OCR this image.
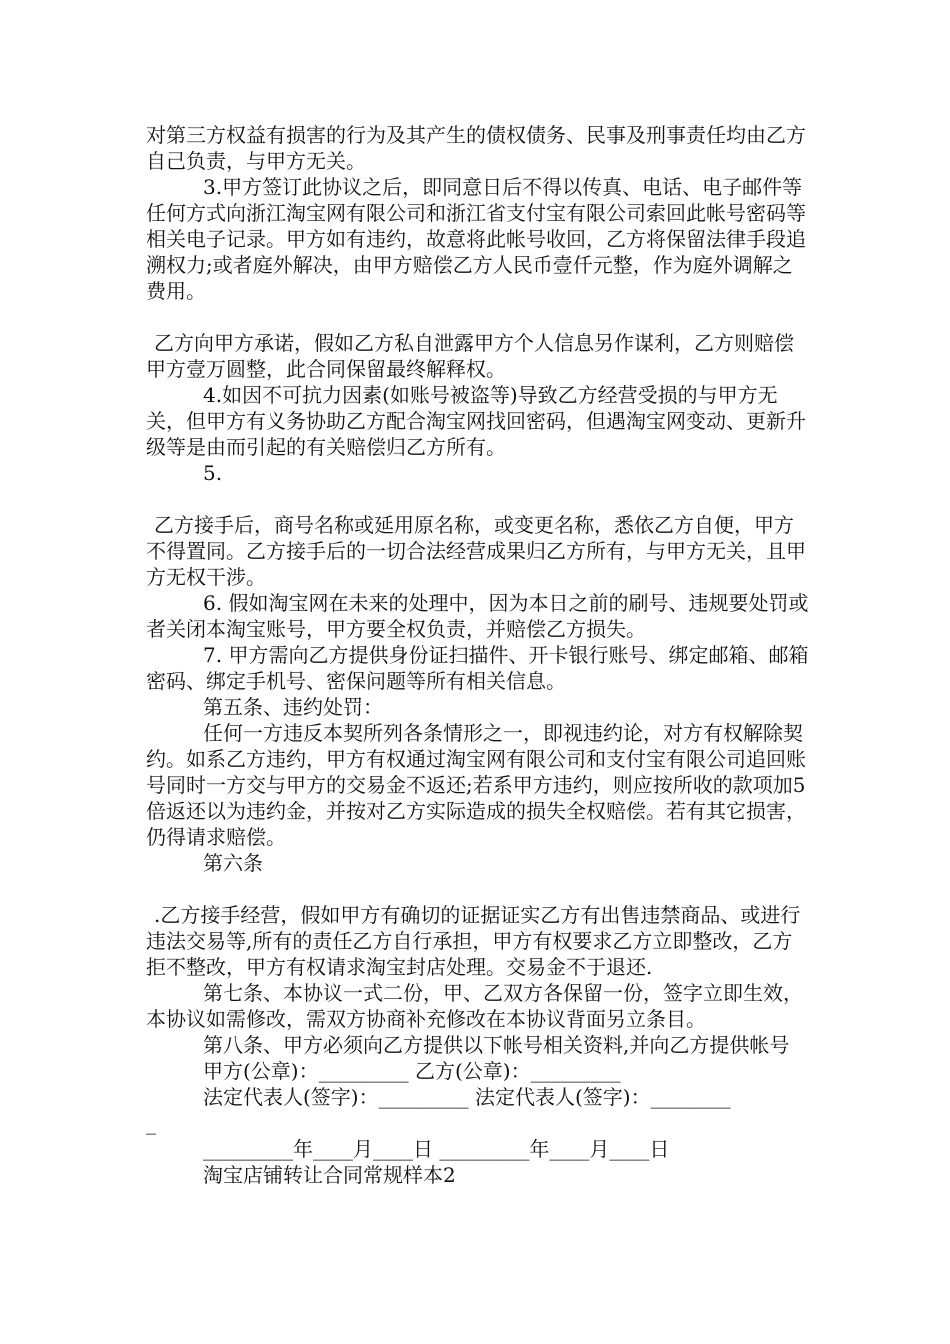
对第三方权益有损害的行为及其产生的债权债务、民事及刑事责任均由乙方自己负责，与甲方无关。

3.甲方签订此协议之后，即同意日后不得以传真、电话、电子邮件等任何方式向浙江淘宝网有限公司和浙江省支付宝有限公司索回此帐号密码等相关电子记录。甲方如有违约，故意将此帐号收回，乙方将保留法律手段追溯权力;或者庭外解决，由甲方赔偿乙方人民币壹仟元整，作为庭外调解之费用。

乙方向甲方承诺，假如乙方私自泄露甲方个人信息另作谋利，乙方则赔偿甲方壹万圆整，此合同保留最终解释权。

4.如因不可抗力因素(如账号被盗等)导致乙方经营受损的与甲方无关，但甲方有义务协助乙方配合淘宝网找回密码，但遇淘宝网变动、更新升级等是由而引起的有关赔偿归乙方所有。

5.

乙方接手后，商号名称或延用原名称，或变更名称，悉依乙方自便，甲方不得置同。乙方接手后的一切合法经营成果归乙方所有，与甲方无关，且甲方无权干涉。

6. 假如淘宝网在未来的处理中，因为本日之前的刷号、违规要处罚或者关闭本淘宝账号，甲方要全权负责，并赔偿乙方损失。

7. 甲方需向乙方提供身份证扫描件、开卡银行账号、绑定邮箱、邮箱密码、绑定手机号、密保问题等所有相关信息。

第五条、违约处罚：

任何一方违反本契所列各条情形之一，即视违约论，对方有权解除契约。如系乙方违约，甲方有权通过淘宝网有限公司和支付宝有限公司追回账号同时一方交与甲方的交易金不返还;若系甲方违约，则应按所收的款项加5倍返还以为违约金，并按对乙方实际造成的损失全权赔偿。若有其它损害，仍得请求赔偿。

第六条

.乙方接手经营，假如甲方有确切的证据证实乙方有出售违禁商品、或进行违法交易等,所有的责任乙方自行承担，甲方有权要求乙方立即整改，乙方拒不整改，甲方有权请求淘宝封店处理。交易金不于退还.

第七条、本协议一式二份，甲、乙双方各保留一份，签字立即生效，本协议如需修改，需双方协商补充修改在本协议背面另立条目。

第八条、甲方必须向乙方提供以下帐号相关资料,并向乙方提供帐号

甲方(公章)：_________ 乙方(公章)：_________

法定代表人(签字)：_________ 法定代表人(签字)：________

_

_________年____月____日 _________年____月____日

淘宝店铺转让合同常规样本2
